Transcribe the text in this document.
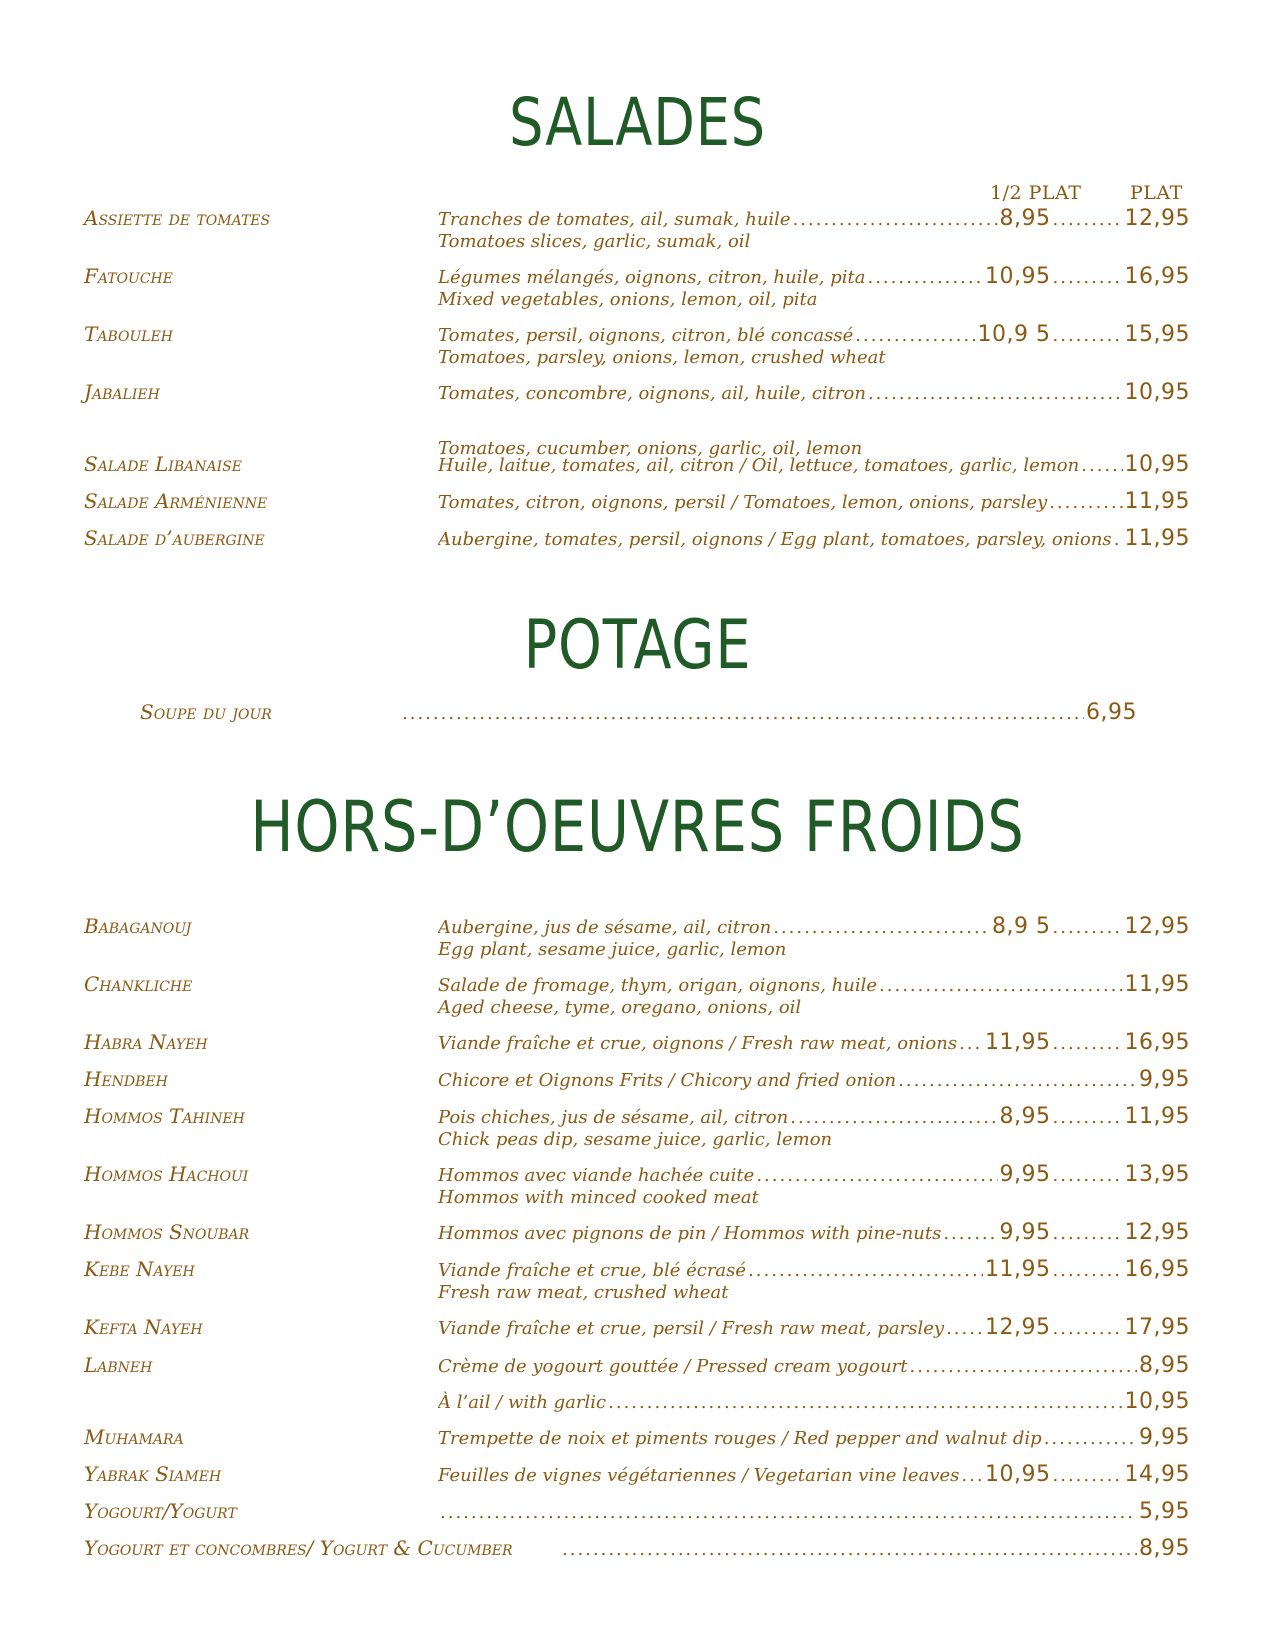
SALADES
1/2 PLAT	PLAT
Assiette de tomates	Tranches de tomates, ail, sumak, huile .....	8,95 .....	12,95
Tomatoes slices, garlic, sumak, oil
Fatouche	Légumes mélangés, oignons, citron, huile, pita .....	10,95 .....	16,95
Mixed vegetables, onions, lemon, oil, pita
Tabouleh	Tomates, persil, oignons, citron, blé concassé .....	10,9 5 .....	15,95
Tomatoes, parsley, onions, lemon, crushed wheat
Jabalieh	Tomates, concombre, oignons, ail, huile, citron .....	10,95
Tomatoes, cucumber, onions, garlic, oil, lemon
Salade Libanaise	Huile, laitue, tomates, ail, citron / Oil, lettuce, tomatoes, garlic, lemon ..... 10,95
Salade Arménienne	Tomates, citron, oignons, persil / Tomatoes, lemon, onions, parsley .....	11,95
Salade d’aubergine	Aubergine, tomates, persil, oignons / Egg plant, tomatoes, parsley, onions ..... 11,95
POTAGE
Soupe du jour .....	6,95
HORS-D’OEUVRES FROIDS
Babaganouj	Aubergine, jus de sésame, ail, citron .....	8,9 5 .....	12,95
Egg plant, sesame juice, garlic, lemon
Chankliche	Salade de fromage, thym, origan, oignons, huile .....	11,95
Aged cheese, tyme, oregano, onions, oil
Habra Nayeh	Viande fraîche et crue, oignons / Fresh raw meat, onions ..... 11,95 .....	16,95
Hendbeh	Chicore et Oignons Frits / Chicory and fried onion .....	9,95
Hommos Tahineh	Pois chiches, jus de sésame, ail, citron .....	8,95 .....	11,95
Chick peas dip, sesame juice, garlic, lemon
Hommos Hachoui	Hommos avec viande hachée cuite .....	9,95 .....	13,95
Hommos with minced cooked meat
Hommos Snoubar	Hommos avec pignons de pin / Hommos with pine-nuts .....	9,95 .....	12,95
Kebe Nayeh	Viande fraîche et crue, blé écrasé .....	11,95 .....	16,95
Fresh raw meat, crushed wheat
Kefta Nayeh	Viande fraîche et crue, persil / Fresh raw meat, parsley ..... 12,95 .....	17,95
Labneh	Crème de yogourt gouttée / Pressed cream yogourt .....	8,95
À l’ail / with garlic .....	10,95
Muhamara	Trempette de noix et piments rouges / Red pepper and walnut dip .....	9,95
Yabrak Siameh	Feuilles de vignes végétariennes / Vegetarian vine leaves ..... 10,95 .....	14,95
Yogourt/Yogurt .....	5,95
Yogourt et concombres/ Yogurt & Cucumber .....	8,95
